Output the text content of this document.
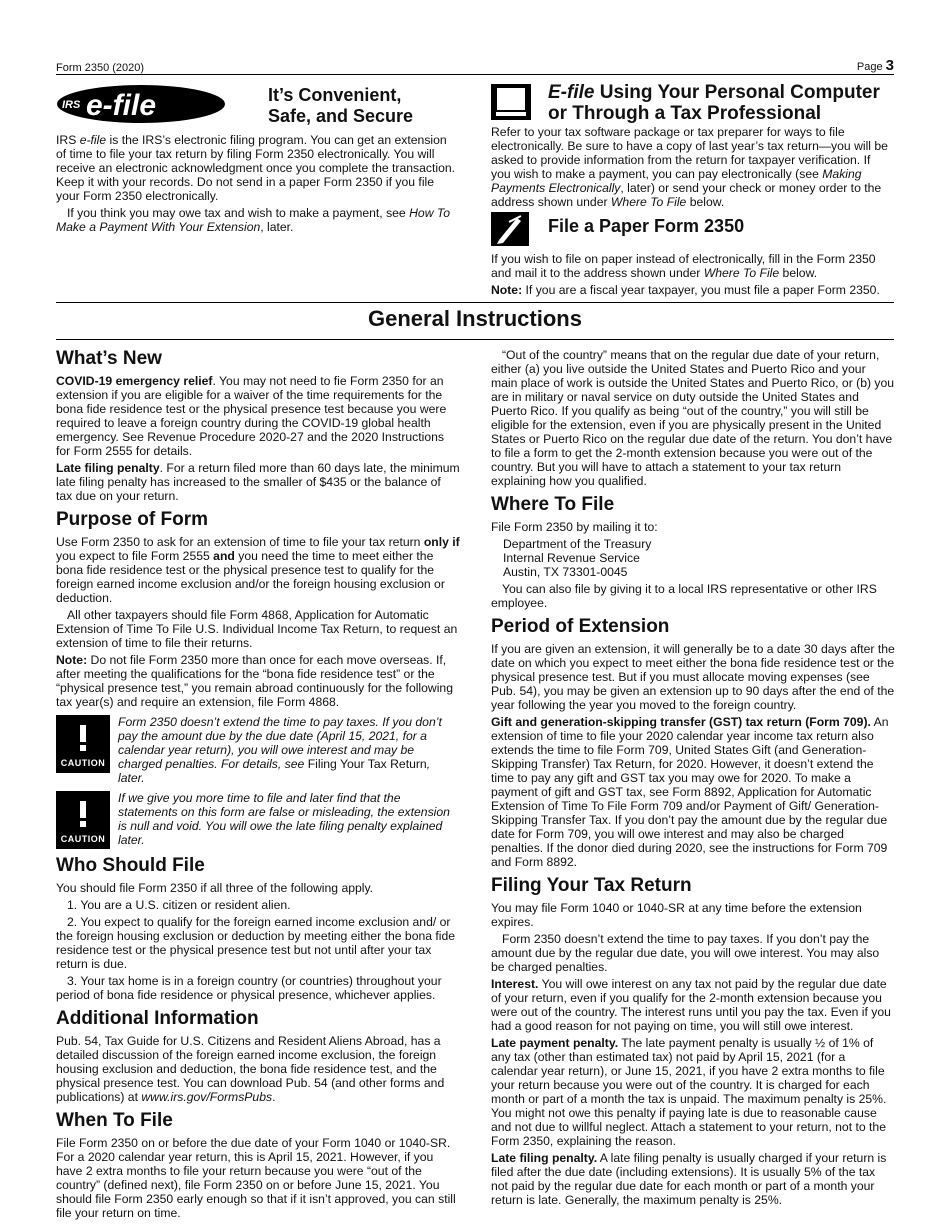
Form 2350 (2020)	Page 3
IRS e-file	It’s Convenient,
Safe, and Secure

IRS e-file is the IRS’s electronic filing program. You can get an extension of time to file your tax return by filing Form 2350 electronically. You will receive an electronic acknowledgment once you complete the transaction. Keep it with your records. Do not send in a paper Form 2350 if you file your Form 2350 electronically.

If you think you may owe tax and wish to make a payment, see How To Make a Payment With Your Extension, later.

E-file Using Your Personal Computer
or Through a Tax Professional

Refer to your tax software package or tax preparer for ways to file electronically. Be sure to have a copy of last year’s tax return—you will be asked to provide information from the return for taxpayer verification. If you wish to make a payment, you can pay electronically (see Making Payments Electronically, later) or send your check or money order to the address shown under Where To File below.

File a Paper Form 2350

If you wish to file on paper instead of electronically, fill in the Form 2350 and mail it to the address shown under Where To File below.

Note: If you are a fiscal year taxpayer, you must file a paper Form 2350.

General Instructions
What’s New

COVID-19 emergency relief. You may not need to fie Form 2350 for an extension if you are eligible for a waiver of the time requirements for the bona fide residence test or the physical presence test because you were required to leave a foreign country during the COVID-19 global health emergency. See Revenue Procedure 2020-27 and the 2020 Instructions for Form 2555 for details.

Late filing penalty. For a return filed more than 60 days late, the minimum late filing penalty has increased to the smaller of $435 or the balance of tax due on your return.

Purpose of Form

Use Form 2350 to ask for an extension of time to file your tax return only if you expect to file Form 2555 and you need the time to meet either the bona fide residence test or the physical presence test to qualify for the foreign earned income exclusion and/or the foreign housing exclusion or deduction.

All other taxpayers should file Form 4868, Application for Automatic Extension of Time To File U.S. Individual Income Tax Return, to request an extension of time to file their returns.

Note: Do not file Form 2350 more than once for each move overseas. If, after meeting the qualifications for the “bona fide residence test” or the “physical presence test,” you remain abroad continuously for the following tax year(s) and require an extension, file Form 4868.

CAUTION
Form 2350 doesn’t extend the time to pay taxes. If you don’t pay the amount due by the due date (April 15, 2021, for a calendar year return), you will owe interest and may be charged penalties. For details, see Filing Your Tax Return, later.
CAUTION
If we give you more time to file and later find that the statements on this form are false or misleading, the extension is null and void. You will owe the late filing penalty explained later.
Who Should File

You should file Form 2350 if all three of the following apply.

1. You are a U.S. citizen or resident alien.

2. You expect to qualify for the foreign earned income exclusion and/ or the foreign housing exclusion or deduction by meeting either the bona fide residence test or the physical presence test but not until after your tax return is due.

3. Your tax home is in a foreign country (or countries) throughout your period of bona fide residence or physical presence, whichever applies.

Additional Information

Pub. 54, Tax Guide for U.S. Citizens and Resident Aliens Abroad, has a detailed discussion of the foreign earned income exclusion, the foreign housing exclusion and deduction, the bona fide residence test, and the physical presence test. You can download Pub. 54 (and other forms and publications) at www.irs.gov/FormsPubs.

When To File

File Form 2350 on or before the due date of your Form 1040 or 1040-SR. For a 2020 calendar year return, this is April 15, 2021. However, if you have 2 extra months to file your return because you were “out of the country” (defined next), file Form 2350 on or before June 15, 2021. You should file Form 2350 early enough so that if it isn’t approved, you can still file your return on time.

“Out of the country” means that on the regular due date of your return, either (a) you live outside the United States and Puerto Rico and your main place of work is outside the United States and Puerto Rico, or (b) you are in military or naval service on duty outside the United States and Puerto Rico. If you qualify as being “out of the country,” you will still be eligible for the extension, even if you are physically present in the United States or Puerto Rico on the regular due date of the return. You don’t have to file a form to get the 2-month extension because you were out of the country. But you will have to attach a statement to your tax return explaining how you qualified.

Where To File

File Form 2350 by mailing it to:

Department of the Treasury
Internal Revenue Service
Austin, TX 73301-0045

You can also file by giving it to a local IRS representative or other IRS employee.

Period of Extension

If you are given an extension, it will generally be to a date 30 days after the date on which you expect to meet either the bona fide residence test or the physical presence test. But if you must allocate moving expenses (see Pub. 54), you may be given an extension up to 90 days after the end of the year following the year you moved to the foreign country.

Gift and generation-skipping transfer (GST) tax return (Form 709). An extension of time to file your 2020 calendar year income tax return also extends the time to file Form 709, United States Gift (and Generation-Skipping Transfer) Tax Return, for 2020. However, it doesn’t extend the time to pay any gift and GST tax you may owe for 2020. To make a payment of gift and GST tax, see Form 8892, Application for Automatic Extension of Time To File Form 709 and/or Payment of Gift/ Generation-Skipping Transfer Tax. If you don’t pay the amount due by the regular due date for Form 709, you will owe interest and may also be charged penalties. If the donor died during 2020, see the instructions for Form 709 and Form 8892.

Filing Your Tax Return

You may file Form 1040 or 1040-SR at any time before the extension expires.

Form 2350 doesn’t extend the time to pay taxes. If you don’t pay the amount due by the regular due date, you will owe interest. You may also be charged penalties.

Interest. You will owe interest on any tax not paid by the regular due date of your return, even if you qualify for the 2-month extension because you were out of the country. The interest runs until you pay the tax. Even if you had a good reason for not paying on time, you will still owe interest.

Late payment penalty. The late payment penalty is usually ½ of 1% of any tax (other than estimated tax) not paid by April 15, 2021 (for a calendar year return), or June 15, 2021, if you have 2 extra months to file your return because you were out of the country. It is charged for each month or part of a month the tax is unpaid. The maximum penalty is 25%. You might not owe this penalty if paying late is due to reasonable cause and not due to willful neglect. Attach a statement to your return, not to the Form 2350, explaining the reason.

Late filing penalty. A late filing penalty is usually charged if your return is filed after the due date (including extensions). It is usually 5% of the tax not paid by the regular due date for each month or part of a month your return is late. Generally, the maximum penalty is 25%.
